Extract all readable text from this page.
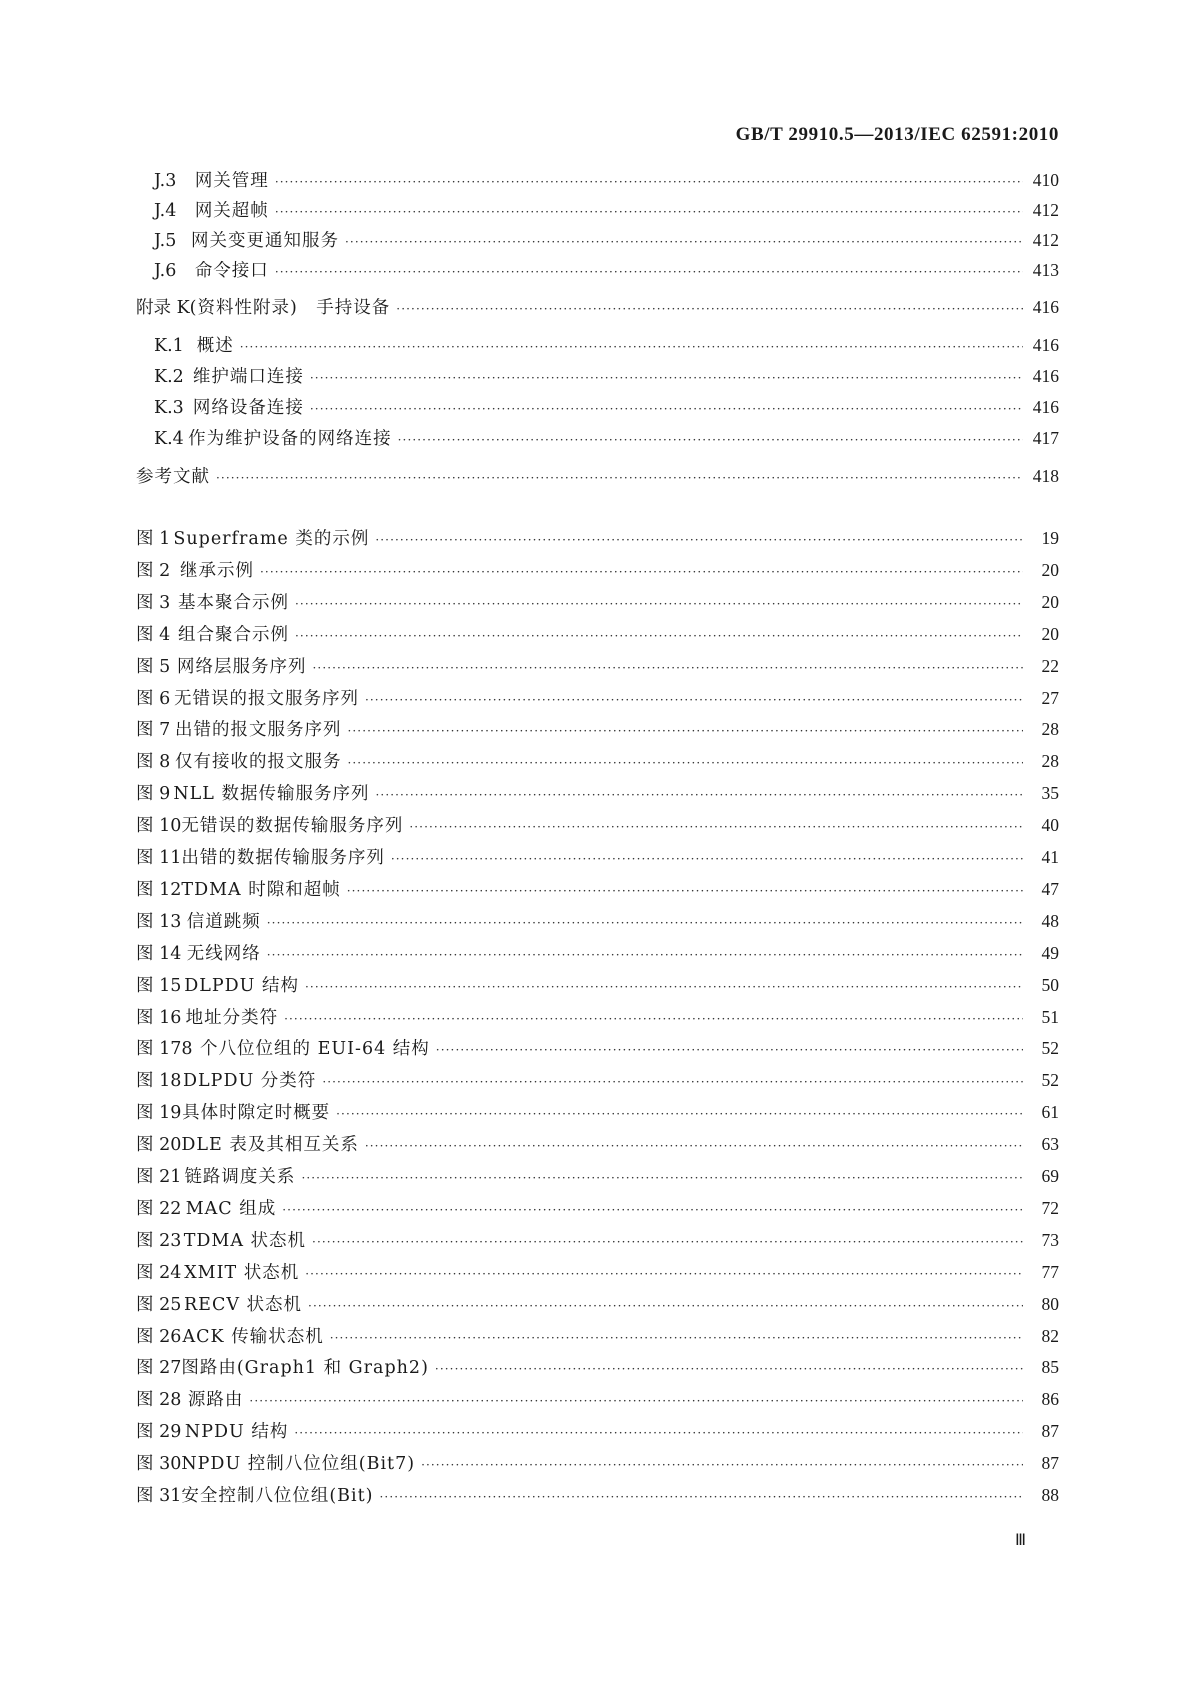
GB/T 29910.5—2013/IEC 62591:2010
J.3	网关管理 ·····	410
J.4	网关超帧 ·····	412
J.5 网关变更通知服务 ·····	412
J.6	命令接口 ·····	413
附录 K (资料性附录)　手持设备 ·····	416
K.1 概述 ·····	416
K.2 维护端口连接 ·····	416
K.3 网络设备连接 ·····	416
K.4 作为维护设备的网络连接 ·····	417
参考文献 ·····	418
图 1 Superframe 类的示例 ·····	19
图 2 继承示例 ·····	20
图 3 基本聚合示例 ·····	20
图 4 组合聚合示例 ·····	20
图 5 网络层服务序列 ·····	22
图 6 无错误的报文服务序列 ·····	27
图 7 出错的报文服务序列 ·····	28
图 8 仅有接收的报文服务 ·····	28
图 9 NLL 数据传输服务序列 ·····	35
图 10 无错误的数据传输服务序列 ·····	40
图 11 出错的数据传输服务序列 ·····	41
图 12 TDMA 时隙和超帧 ·····	47
图 13 信道跳频 ·····	48
图 14 无线网络 ·····	49
图 15 DLPDU 结构 ·····	50
图 16 地址分类符 ·····	51
图 17 8 个八位位组的 EUI-64 结构 ·····	52
图 18 DLPDU 分类符 ·····	52
图 19 具体时隙定时概要 ·····	61
图 20 DLE 表及其相互关系 ·····	63
图 21 链路调度关系 ·····	69
图 22 MAC 组成 ·····	72
图 23 TDMA 状态机 ·····	73
图 24 XMIT 状态机 ·····	77
图 25 RECV 状态机 ·····	80
图 26 ACK 传输状态机 ·····	82
图 27 图路由(Graph1 和 Graph2) ·····	85
图 28 源路由 ·····	86
图 29 NPDU 结构 ·····	87
图 30 NPDU 控制八位位组(Bit7) ·····	87
图 31 安全控制八位位组(Bit) ·····	88
Ⅲ
